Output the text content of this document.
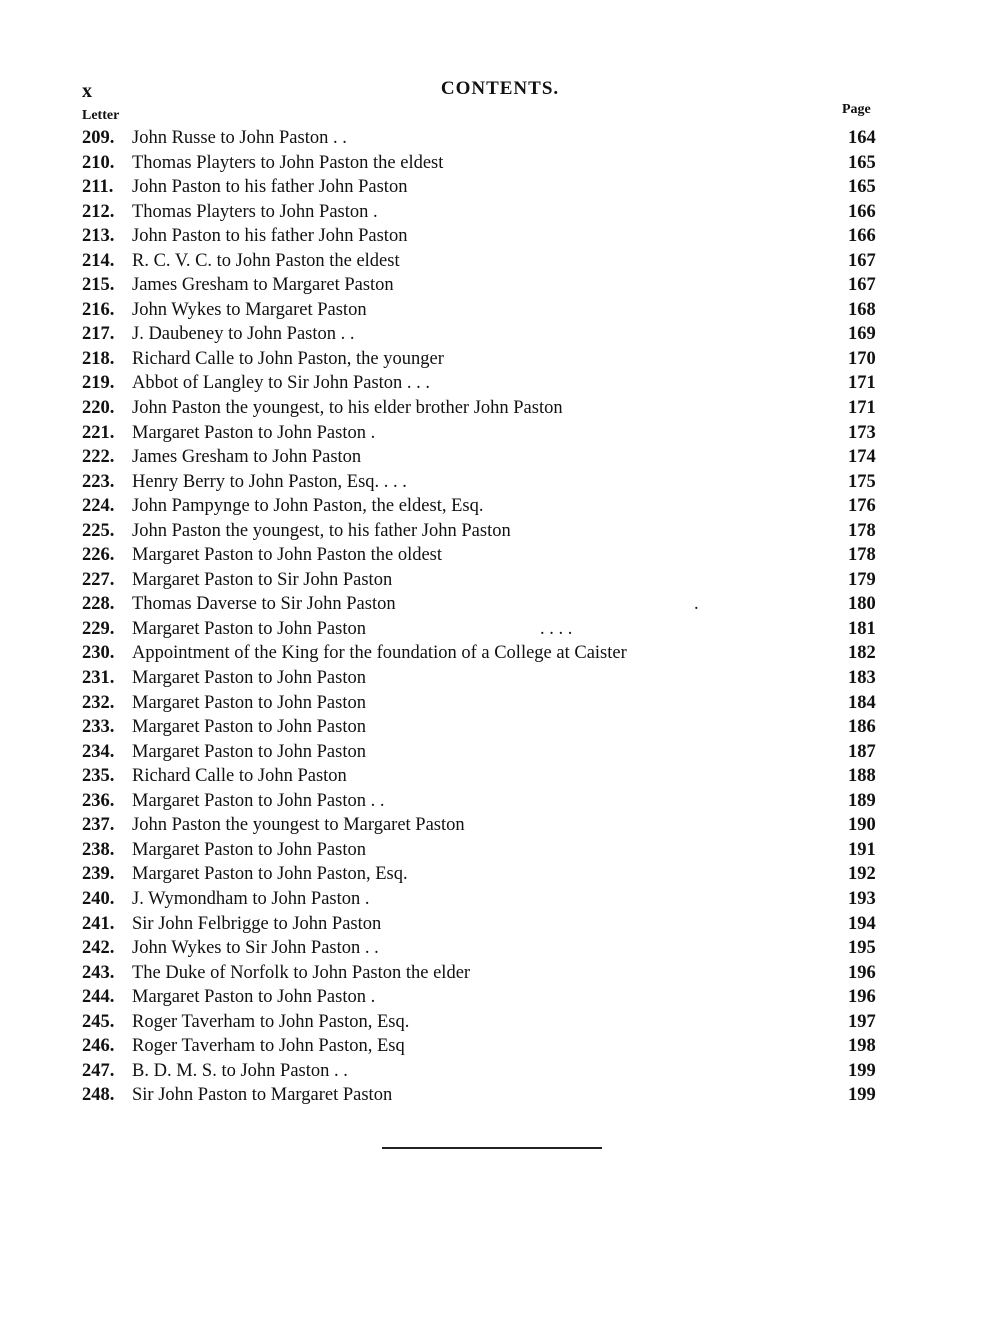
x	CONTENTS.
Letter	Page
209. John Russe to John Paston . .	164
210. Thomas Playters to John Paston the eldest	165
211. John Paston to his father John Paston	165
212. Thomas Playters to John Paston .	166
213. John Paston to his father John Paston	166
214. R. C. V. C. to John Paston the eldest	167
215. James Gresham to Margaret Paston	167
216. John Wykes to Margaret Paston	168
217. J. Daubeney to John Paston . .	169
218. Richard Calle to John Paston, the younger	170
219. Abbot of Langley to Sir John Paston . . .	171
220. John Paston the youngest, to his elder brother John Paston	171
221. Margaret Paston to John Paston .	173
222. James Gresham to John Paston	174
223. Henry Berry to John Paston, Esq. . . .	175
224. John Pampynge to John Paston, the eldest, Esq.	176
225. John Paston the youngest, to his father John Paston	178
226. Margaret Paston to John Paston the oldest	178
227. Margaret Paston to Sir John Paston	179
228. Thomas Daverse to Sir John Paston	.	180
229. Margaret Paston to John Paston	. . . .	181
230. Appointment of the King for the foundation of a College at Caister	182
231. Margaret Paston to John Paston	183
232. Margaret Paston to John Paston	184
233. Margaret Paston to John Paston	186
234. Margaret Paston to John Paston	187
235. Richard Calle to John Paston	188
236. Margaret Paston to John Paston . .	189
237. John Paston the youngest to Margaret Paston	190
238. Margaret Paston to John Paston	191
239. Margaret Paston to John Paston, Esq.	192
240. J. Wymondham to John Paston .	193
241. Sir John Felbrigge to John Paston	194
242. John Wykes to Sir John Paston . .	195
243. The Duke of Norfolk to John Paston the elder	196
244. Margaret Paston to John Paston .	196
245. Roger Taverham to John Paston, Esq.	197
246. Roger Taverham to John Paston, Esq	198
247. B. D. M. S. to John Paston . .	199
248. Sir John Paston to Margaret Paston	199
